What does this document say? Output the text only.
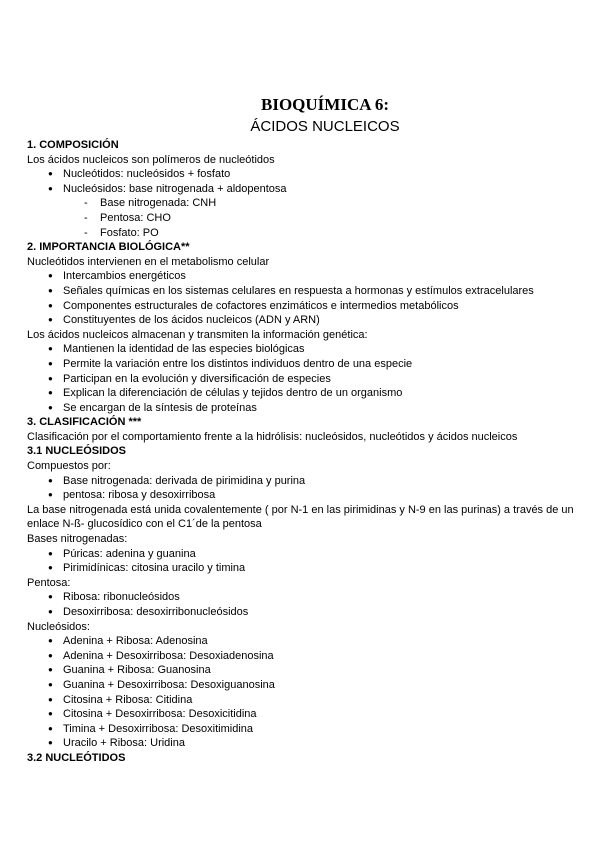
BIOQUÍMICA 6:
ÁCIDOS NUCLEICOS
1. COMPOSICIÓN
Los ácidos nucleicos son polímeros de nucleótidos
● Nucleótidos: nucleósidos + fosfato
● Nucleósidos: base nitrogenada + aldopentosa
- Base nitrogenada: CNH
- Pentosa: CHO
- Fosfato: PO
2. IMPORTANCIA BIOLÓGICA**
Nucleótidos intervienen en el metabolismo celular
● Intercambios energéticos
● Señales químicas en los sistemas celulares en respuesta a hormonas y estímulos extracelulares
● Componentes estructurales de cofactores enzimáticos e intermedios metabólicos
● Constituyentes de los ácidos nucleicos (ADN y ARN)
Los ácidos nucleicos almacenan y transmiten la información genética:
● Mantienen la identidad de las especies biológicas
● Permite la variación entre los distintos individuos dentro de una especie
● Participan en la evolución y diversificación de especies
● Explican la diferenciación de células y tejidos dentro de un organismo
● Se encargan de la síntesis de proteínas
3. CLASIFICACIÓN ***
Clasificación por el comportamiento frente a la hidrólisis: nucleósidos, nucleótidos y ácidos nucleicos
3.1 NUCLEÓSIDOS
Compuestos por:
● Base nitrogenada: derivada de pirimidina y purina
● pentosa: ribosa y desoxirribosa
La base nitrogenada está unida covalentemente ( por N-1 en las pirimidinas y N-9 en las purinas) a través de un enlace N-ß- glucosídico con el C1´de la pentosa
Bases nitrogenadas:
● Púricas: adenina y guanina
● Pirimidínicas: citosina uracilo y timina
Pentosa:
● Ribosa: ribonucleósidos
● Desoxirribosa: desoxirribonucleósidos
Nucleósidos:
● Adenina + Ribosa: Adenosina
● Adenina + Desoxirribosa: Desoxiadenosina
● Guanina + Ribosa: Guanosina
● Guanina + Desoxirribosa: Desoxiguanosina
● Citosina + Ribosa: Citidina
● Citosina + Desoxirribosa: Desoxicitidina
● Timina + Desoxirribosa: Desoxitimidina
● Uracilo + Ribosa: Uridina
3.2 NUCLEÓTIDOS
